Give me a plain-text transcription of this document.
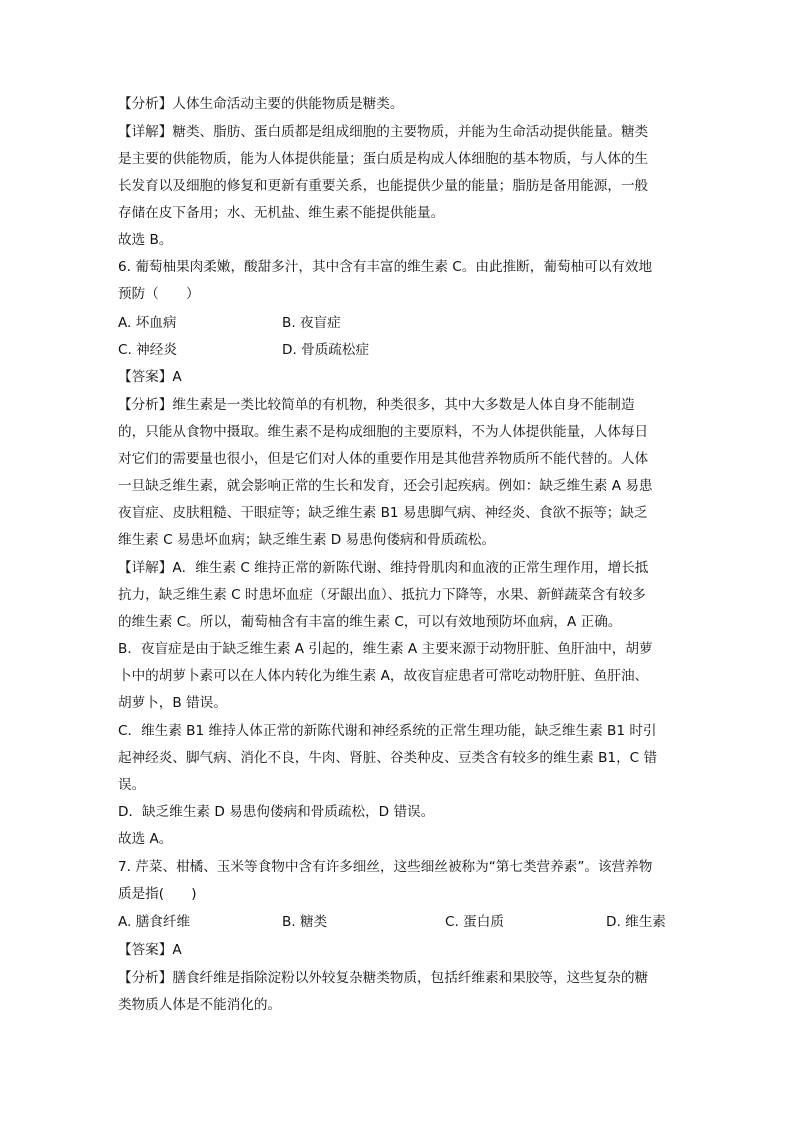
【分析】人体生命活动主要的供能物质是糖类。
【详解】糖类、脂肪、蛋白质都是组成细胞的主要物质，并能为生命活动提供能量。糖类
是主要的供能物质，能为人体提供能量；蛋白质是构成人体细胞的基本物质，与人体的生
长发育以及细胞的修复和更新有重要关系，也能提供少量的能量；脂肪是备用能源，一般
存储在皮下备用；水、无机盐、维生素不能提供能量。
故选 B。
6. 葡萄柚果肉柔嫩，酸甜多汁，其中含有丰富的维生素 C。由此推断，葡萄柚可以有效地
预防（　　）
A. 坏血病	B. 夜盲症
C. 神经炎	D. 骨质疏松症
【答案】A
【分析】维生素是一类比较简单的有机物，种类很多，其中大多数是人体自身不能制造
的，只能从食物中摄取。维生素不是构成细胞的主要原料，不为人体提供能量，人体每日
对它们的需要量也很小，但是它们对人体的重要作用是其他营养物质所不能代替的。人体
一旦缺乏维生素，就会影响正常的生长和发育，还会引起疾病。例如：缺乏维生素 A 易患
夜盲症、皮肤粗糙、干眼症等；缺乏维生素 B1 易患脚气病、神经炎、食欲不振等；缺乏
维生素 C 易患坏血病；缺乏维生素 D 易患佝偻病和骨质疏松。
【详解】A．维生素 C 维持正常的新陈代谢、维持骨肌肉和血液的正常生理作用，增长抵
抗力，缺乏维生素 C 时患坏血症（牙龈出血）、抵抗力下降等，水果、新鲜蔬菜含有较多
的维生素 C。所以，葡萄柚含有丰富的维生素 C，可以有效地预防坏血病，A 正确。
B．夜盲症是由于缺乏维生素 A 引起的，维生素 A 主要来源于动物肝脏、鱼肝油中，胡萝
卜中的胡萝卜素可以在人体内转化为维生素 A，故夜盲症患者可常吃动物肝脏、鱼肝油、
胡萝卜，B 错误。
C．维生素 B1 维持人体正常的新陈代谢和神经系统的正常生理功能，缺乏维生素 B1 时引
起神经炎、脚气病、消化不良，牛肉、肾脏、谷类种皮、豆类含有较多的维生素 B1，C 错
误。
D．缺乏维生素 D 易患佝偻病和骨质疏松，D 错误。
故选 A。
7. 芹菜、柑橘、玉米等食物中含有许多细丝，这些细丝被称为“第七类营养素”。该营养物
质是指(　　)
A. 膳食纤维	B. 糖类	C. 蛋白质	D. 维生素
【答案】A
【分析】膳食纤维是指除淀粉以外较复杂糖类物质，包括纤维素和果胶等，这些复杂的糖
类物质人体是不能消化的。
